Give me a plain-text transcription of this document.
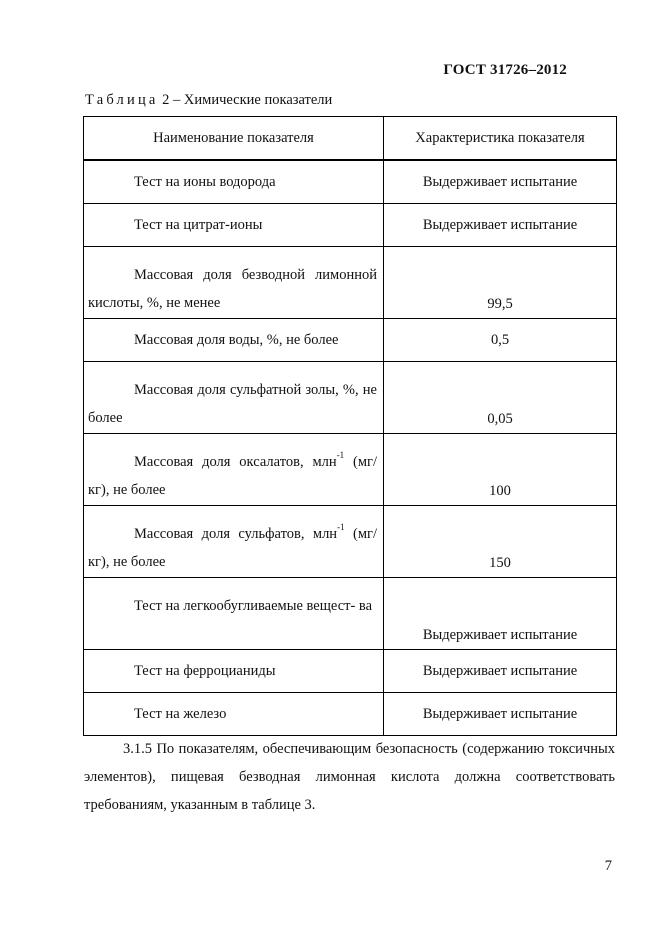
ГОСТ 31726–2012
Таблица 2 – Химические показатели
Наименование показателя	Характеристика показателя

Тест на ионы водорода	Выдерживает испытание

Тест на цитрат-ионы	Выдерживает испытание

Массовая доля безводной лимонной кислоты, %, не менее	99,5

Массовая доля воды, %, не более	0,5

Массовая доля сульфатной золы, %, не более	0,05

Массовая доля оксалатов, млн$^{-1}$ (мг/кг), не более	100

Массовая доля сульфатов, млн$^{-1}$ (мг/кг), не более	150

Тест на легкообугливаемые вещест- ва	Выдерживает испытание

Тест на ферроцианиды	Выдерживает испытание

Тест на железо	Выдерживает испытание
3.1.5 По показателям, обеспечивающим безопасность (содержанию токсичных элементов), пищевая безводная лимонная кислота должна соответствовать требованиям, указанным в таблице 3.
7
